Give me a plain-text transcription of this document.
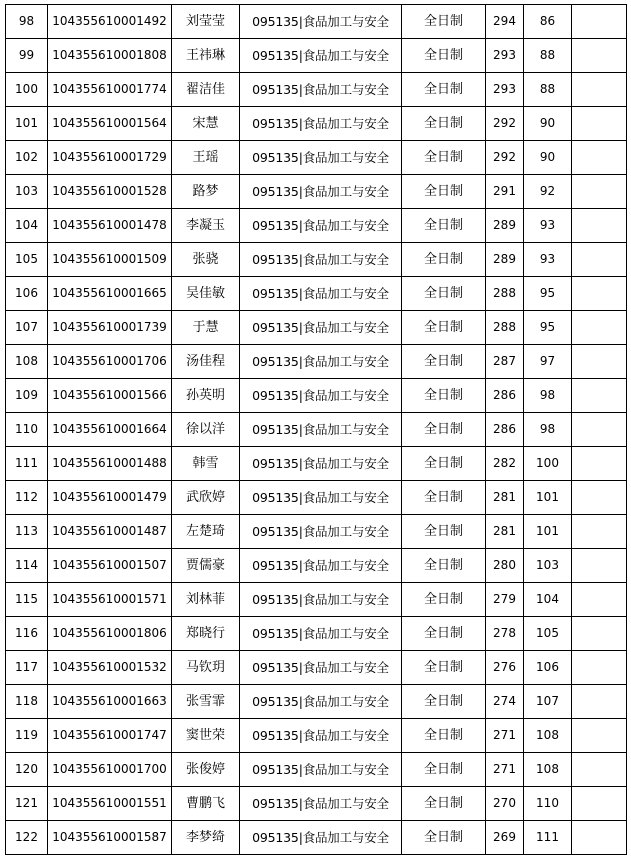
98	104355610001492	刘莹莹	095135|食品加工与安全	全日制	294	86	
99	104355610001808	王祎琳	095135|食品加工与安全	全日制	293	88	
100	104355610001774	翟洁佳	095135|食品加工与安全	全日制	293	88	
101	104355610001564	宋慧	095135|食品加工与安全	全日制	292	90	
102	104355610001729	王瑶	095135|食品加工与安全	全日制	292	90	
103	104355610001528	路梦	095135|食品加工与安全	全日制	291	92	
104	104355610001478	李凝玉	095135|食品加工与安全	全日制	289	93	
105	104355610001509	张骁	095135|食品加工与安全	全日制	289	93	
106	104355610001665	吴佳敏	095135|食品加工与安全	全日制	288	95	
107	104355610001739	于慧	095135|食品加工与安全	全日制	288	95	
108	104355610001706	汤佳程	095135|食品加工与安全	全日制	287	97	
109	104355610001566	孙英明	095135|食品加工与安全	全日制	286	98	
110	104355610001664	徐以洋	095135|食品加工与安全	全日制	286	98	
111	104355610001488	韩雪	095135|食品加工与安全	全日制	282	100	
112	104355610001479	武欣婷	095135|食品加工与安全	全日制	281	101	
113	104355610001487	左楚琦	095135|食品加工与安全	全日制	281	101	
114	104355610001507	贾儒豪	095135|食品加工与安全	全日制	280	103	
115	104355610001571	刘林菲	095135|食品加工与安全	全日制	279	104	
116	104355610001806	郑晓行	095135|食品加工与安全	全日制	278	105	
117	104355610001532	马钦玥	095135|食品加工与安全	全日制	276	106	
118	104355610001663	张雪霏	095135|食品加工与安全	全日制	274	107	
119	104355610001747	窦世荣	095135|食品加工与安全	全日制	271	108	
120	104355610001700	张俊婷	095135|食品加工与安全	全日制	271	108	
121	104355610001551	曹鹏飞	095135|食品加工与安全	全日制	270	110	
122	104355610001587	李梦绮	095135|食品加工与安全	全日制	269	111	
